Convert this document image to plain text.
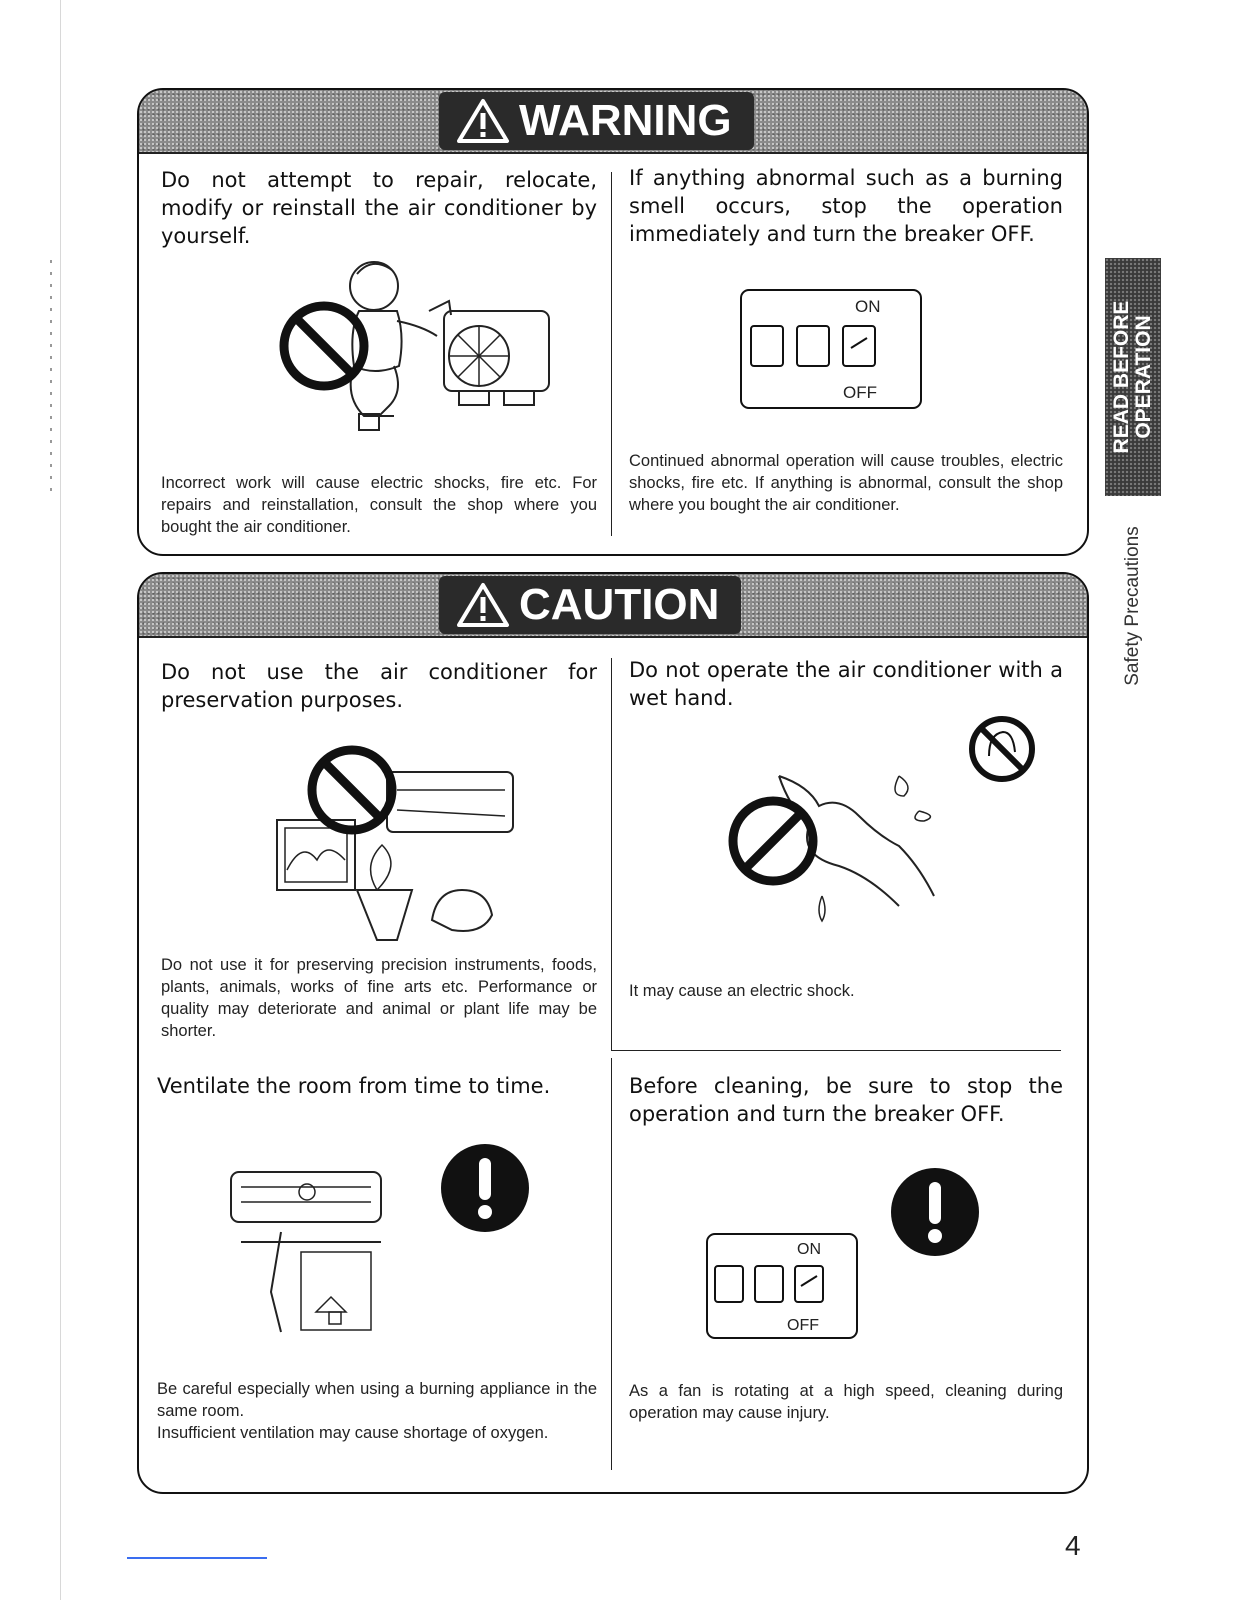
WARNING

Do not attempt to repair, relocate, modify or reinstall the air conditioner by yourself.

Incorrect work will cause electric shocks, fire etc. For repairs and reinstallation, consult the shop where you bought the air conditioner.

If anything abnormal such as a burning smell occurs, stop the operation immediately and turn the breaker OFF.

ON
OFF

Continued abnormal operation will cause troubles, electric shocks, fire etc. If anything is abnormal, consult the shop where you bought the air conditioner.

CAUTION

Do not use the air conditioner for preservation purposes.

Do not use it for preserving precision instruments, foods, plants, animals, works of fine arts etc. Performance or quality may deteriorate and animal or plant life may be shorter.

Do not operate the air conditioner with a wet hand.

It may cause an electric shock.

Ventilate the room from time to time.

Be careful especially when using a burning appliance in the same room.
Insufficient ventilation may cause shortage of oxygen.

Before cleaning, be sure to stop the operation and turn the breaker OFF.

ON
OFF

As a fan is rotating at a high speed, cleaning during operation may cause injury.

READ BEFORE OPERATION
Safety Precautions
4
